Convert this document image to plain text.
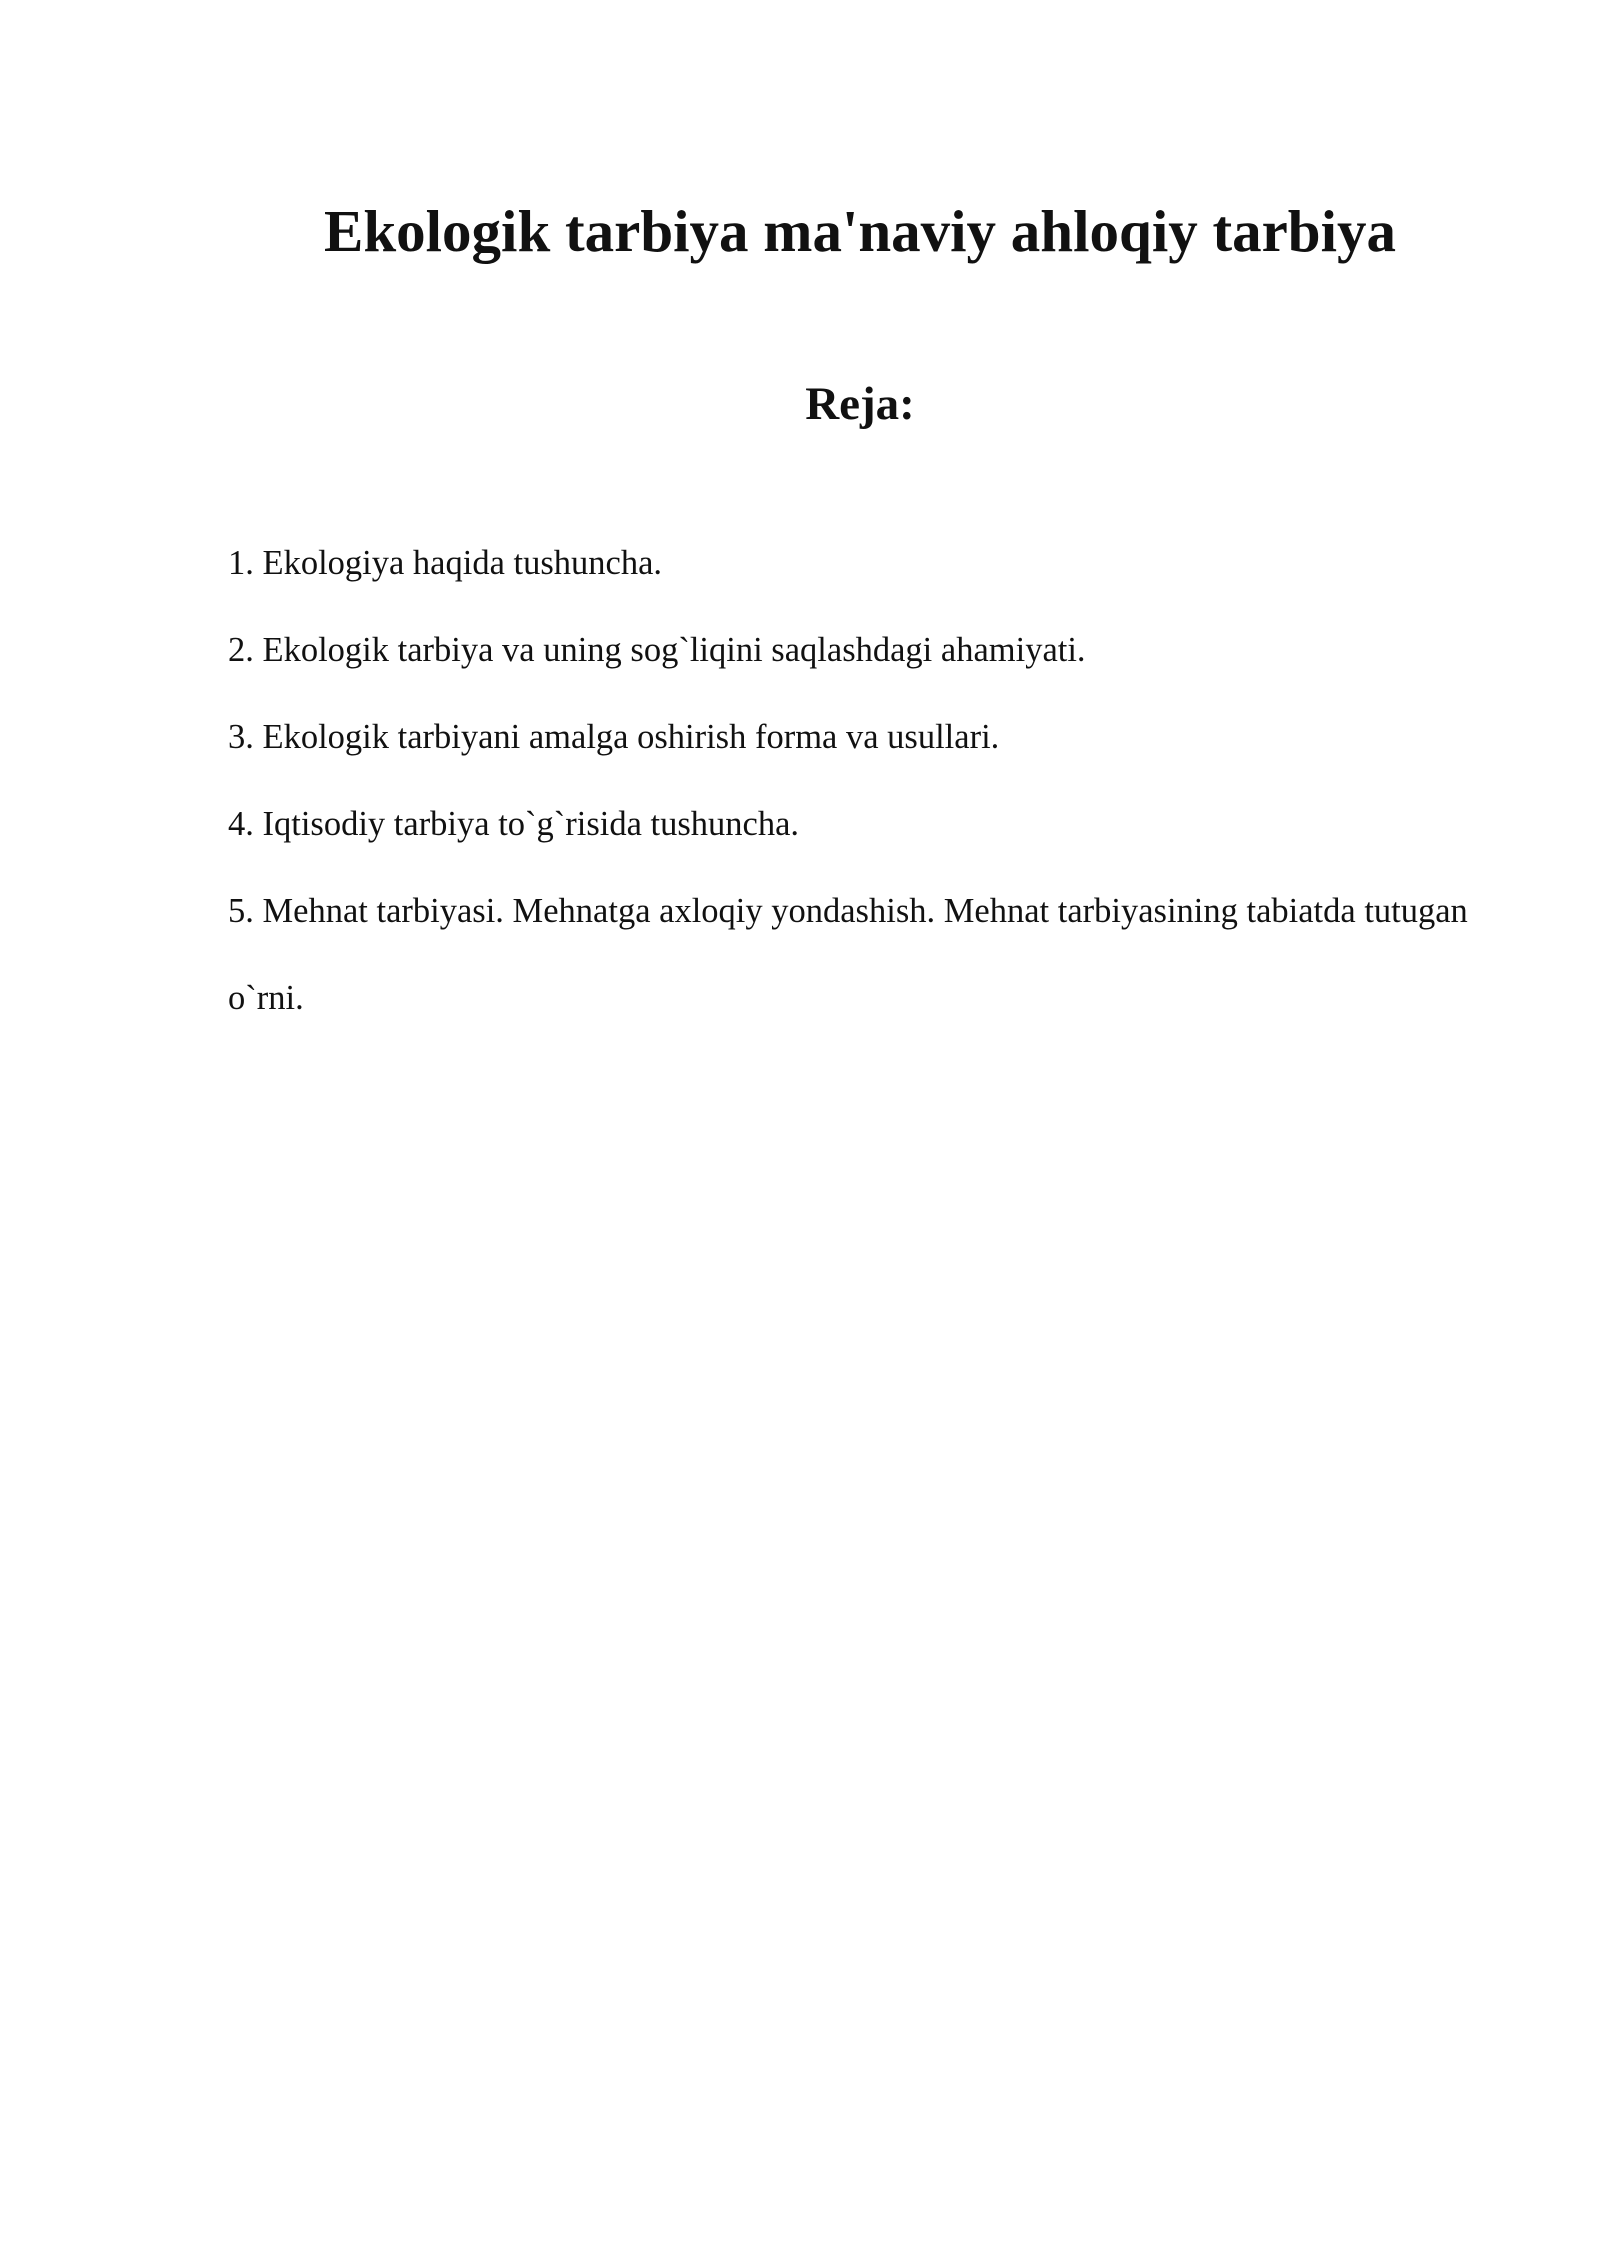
Ekologik tarbiya ma'naviy ahloqiy tarbiya
Reja:
1. Ekologiya haqida tushuncha.
2. Ekologik tarbiya va uning sog`liqini saqlashdagi ahamiyati.
3. Ekologik tarbiyani amalga oshirish forma va usullari.
4. Iqtisodiy tarbiya to`g`risida tushuncha.
5. Mehnat tarbiyasi. Mehnatga axloqiy yondashish. Mehnat tarbiyasining tabiatda tutugan o`rni.
